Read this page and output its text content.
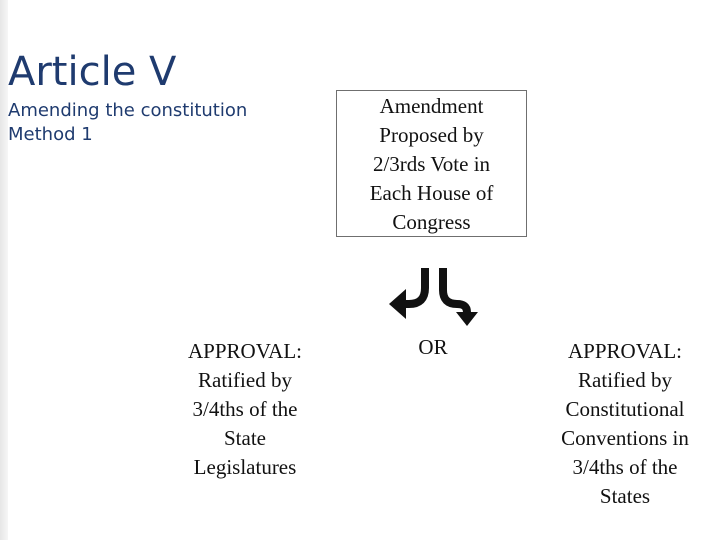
Article V
Amending the constitution
Method 1
Amendment
Proposed by
2/3rds Vote in
Each House of
Congress
OR
APPROVAL:
Ratified by
3/4ths of the
State
Legislatures
APPROVAL:
Ratified by
Constitutional
Conventions in
3/4ths of the
States
